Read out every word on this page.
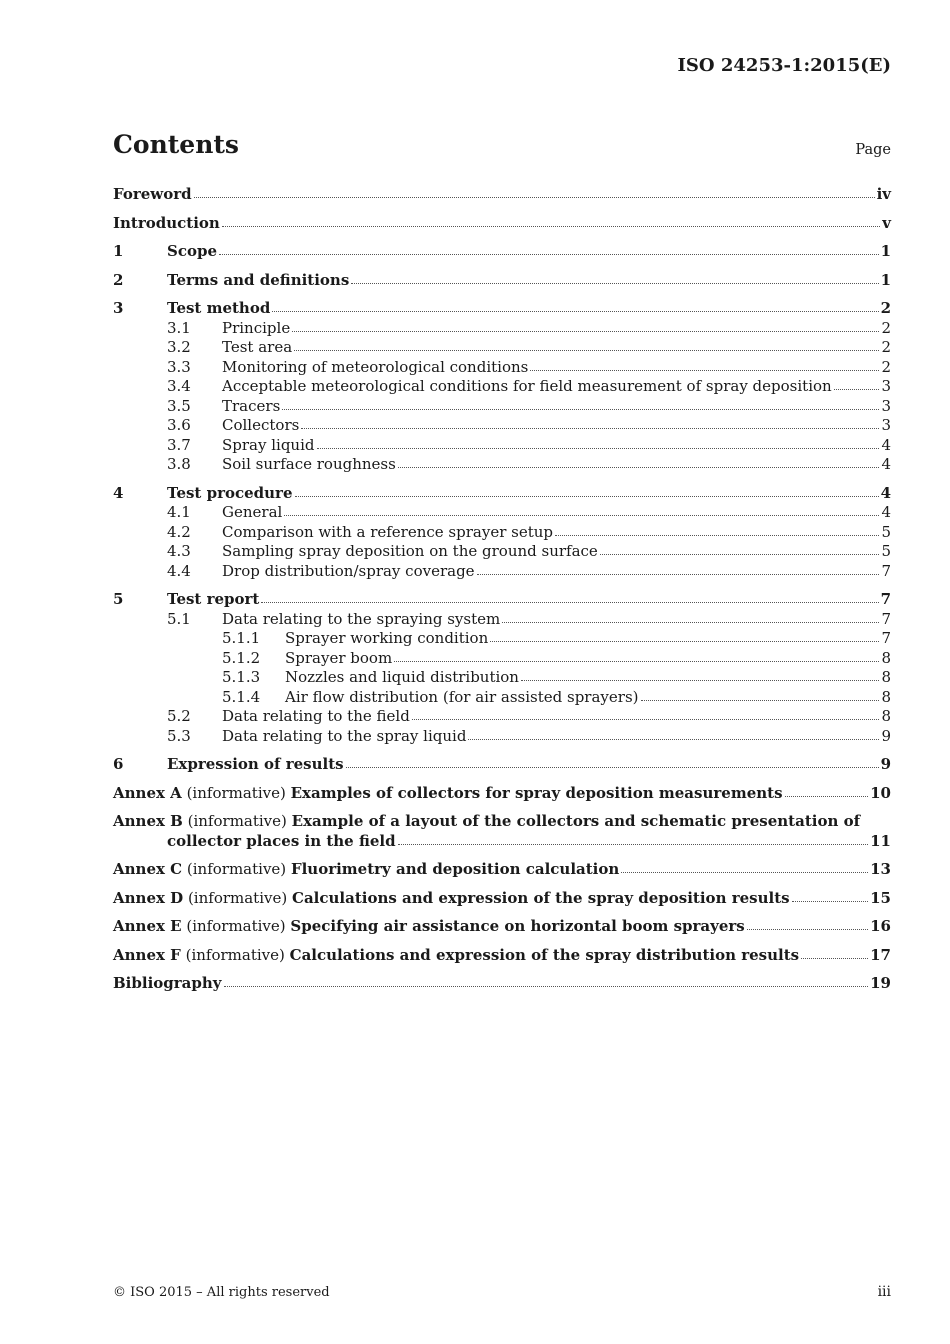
ISO 24253-1:2015(E)
Contents	Page
Foreword	iv
Introduction	v
1	Scope	1
2	Terms and definitions	1
3	Test method	2
3.1	Principle	2
3.2	Test area	2
3.3	Monitoring of meteorological conditions	2
3.4	Acceptable meteorological conditions for field measurement of spray deposition	3
3.5	Tracers	3
3.6	Collectors	3
3.7	Spray liquid	4
3.8	Soil surface roughness	4
4	Test procedure	4
4.1	General	4
4.2	Comparison with a reference sprayer setup	5
4.3	Sampling spray deposition on the ground surface	5
4.4	Drop distribution/spray coverage	7
5	Test report	7
5.1	Data relating to the spraying system	7
5.1.1	Sprayer working condition	7
5.1.2	Sprayer boom	8
5.1.3	Nozzles and liquid distribution	8
5.1.4	Air flow distribution (for air assisted sprayers)	8
5.2	Data relating to the field	8
5.3	Data relating to the spray liquid	9
6	Expression of results	9
Annex A (informative) Examples of collectors for spray deposition measurements	10
Annex B (informative) Example of a layout of the collectors and schematic presentation of
collector places in the field	11
Annex C (informative) Fluorimetry and deposition calculation	13
Annex D (informative) Calculations and expression of the spray deposition results	15
Annex E (informative) Specifying air assistance on horizontal boom sprayers	16
Annex F (informative) Calculations and expression of the spray distribution results	17
Bibliography	19
© ISO 2015 – All rights reserved	iii
